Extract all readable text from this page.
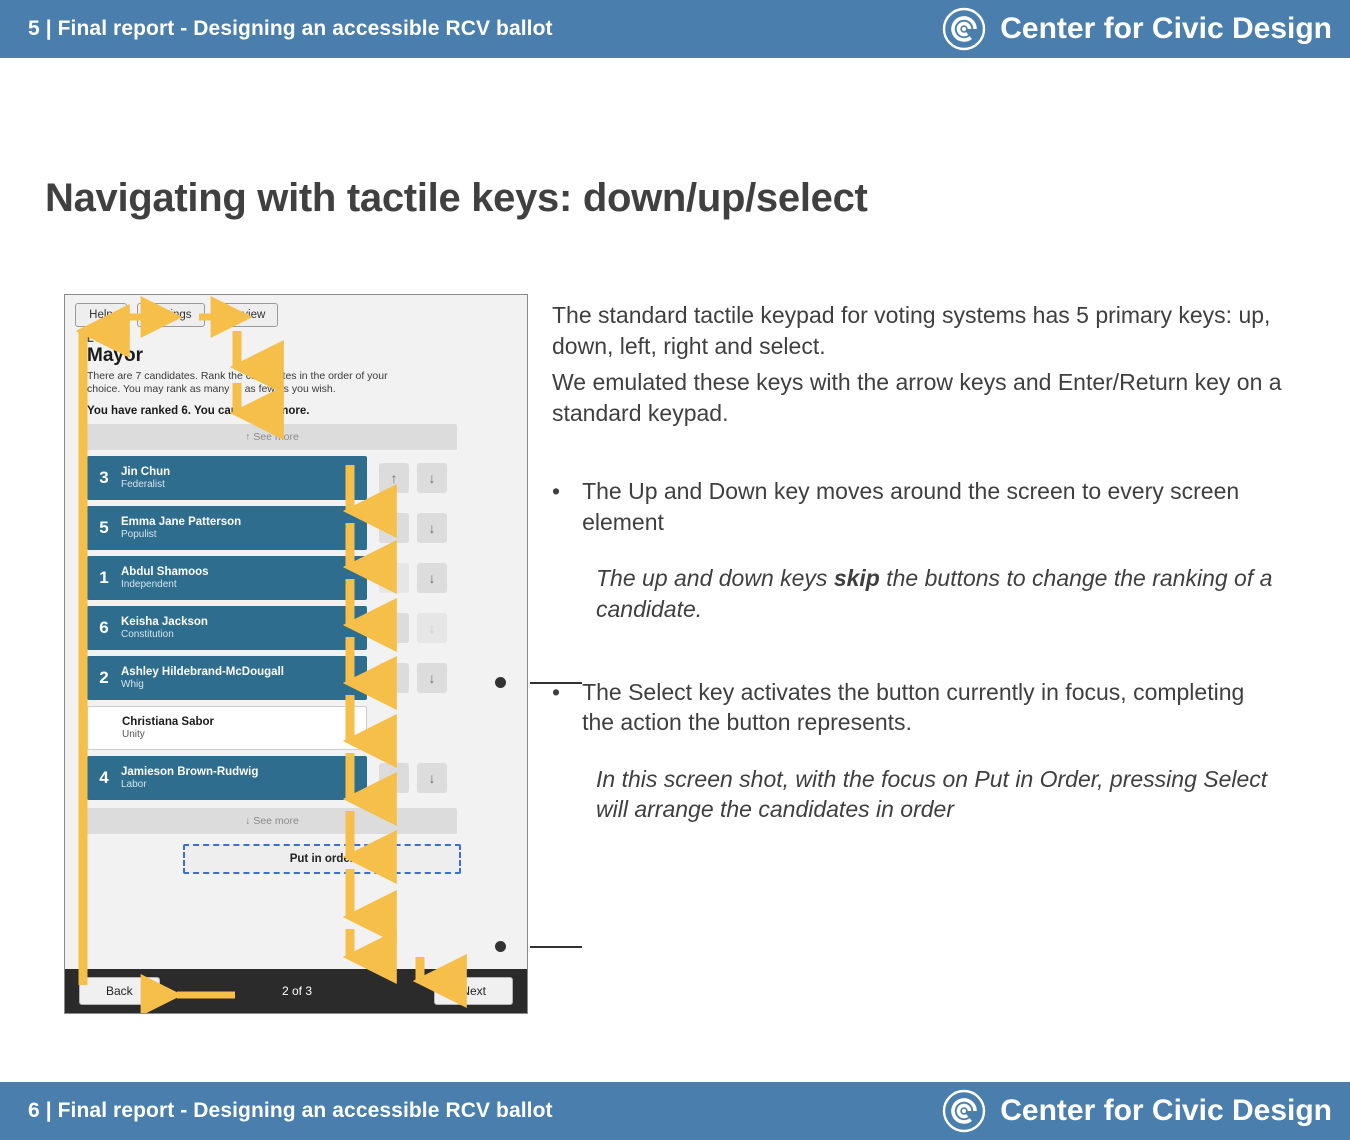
5 | Final report - Designing an accessible RCV ballot	Center for Civic Design
Navigating with tactile keys: down/up/select
Help	Settings	Review
LOCAL
Mayor
There are 7 candidates. Rank the candidates in the order of your choice. You may rank as many or as few as you wish.
You have ranked 6. You can rank 1 more.
↑ See more
3	Jin Chun
Federalist	↑	↓
5	Emma Jane Patterson
Populist	↑	↓
1	Abdul Shamoos
Independent	↑	↓
6	Keisha Jackson
Constitution	↑	↓
2	Ashley Hildebrand-McDougall
Whig	↑	↓
Christiana Sabor
Unity
4	Jamieson Brown-Rudwig
Labor	↑	↓
↓ See more
Put in order
Back	2 of 3	Next

The standard tactile keypad for voting systems has 5 primary keys: up, down, left, right and select.

We emulated these keys with the arrow keys and Enter/Return key on a standard keypad.

• The Up and Down key moves around the screen to every screen element

The up and down keys skip the buttons to change the ranking of a candidate.

• The Select key activates the button currently in focus, completing the action the button represents.

In this screen shot, with the focus on Put in Order, pressing Select will arrange the candidates in order

6 | Final report - Designing an accessible RCV ballot	Center for Civic Design
